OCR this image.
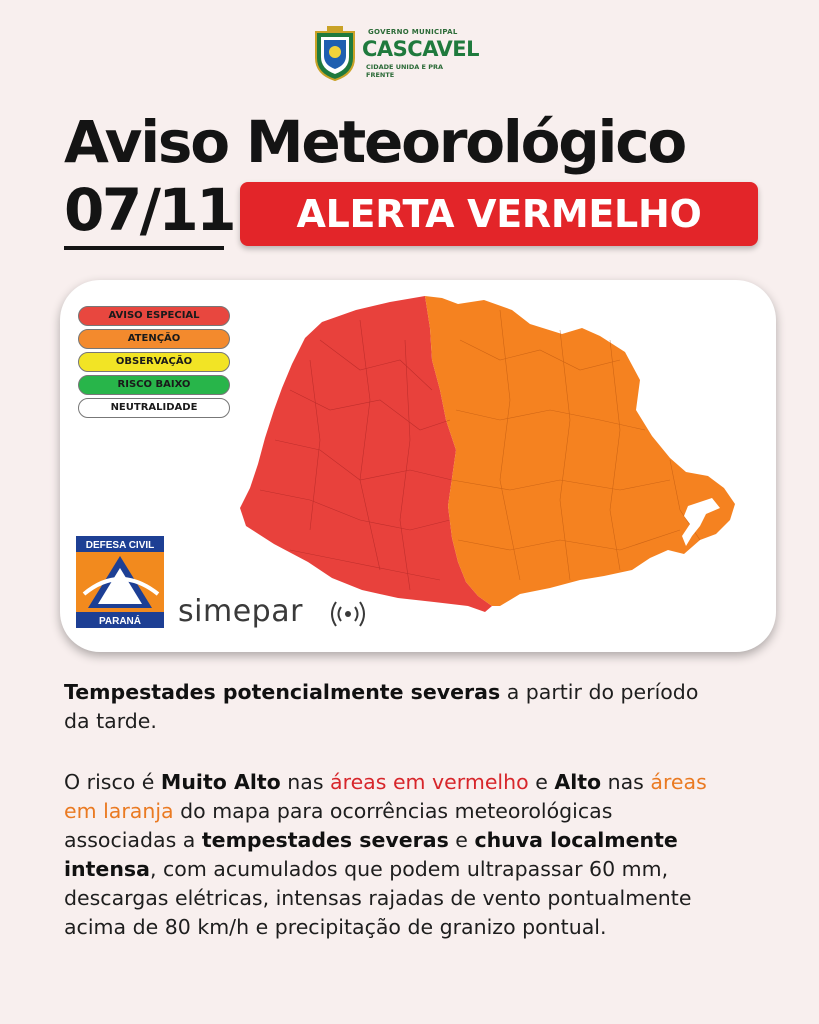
GOVERNO MUNICIPAL
CASCAVEL
CIDADE UNIDA E PRA FRENTE
Aviso Meteorológico
07/11	ALERTA VERMELHO
AVISO ESPECIAL
ATENÇÃO
OBSERVAÇÃO
RISCO BAIXO
NEUTRALIDADE
DEFESA CIVIL
PARANÁ simepar
Tempestades potencialmente severas a partir do período
da tarde.
O risco é Muito Alto nas áreas em vermelho e Alto nas áreas
em laranja do mapa para ocorrências meteorológicas
associadas a tempestades severas e chuva localmente
intensa, com acumulados que podem ultrapassar 60 mm,
descargas elétricas, intensas rajadas de vento pontualmente
acima de 80 km/h e precipitação de granizo pontual.
